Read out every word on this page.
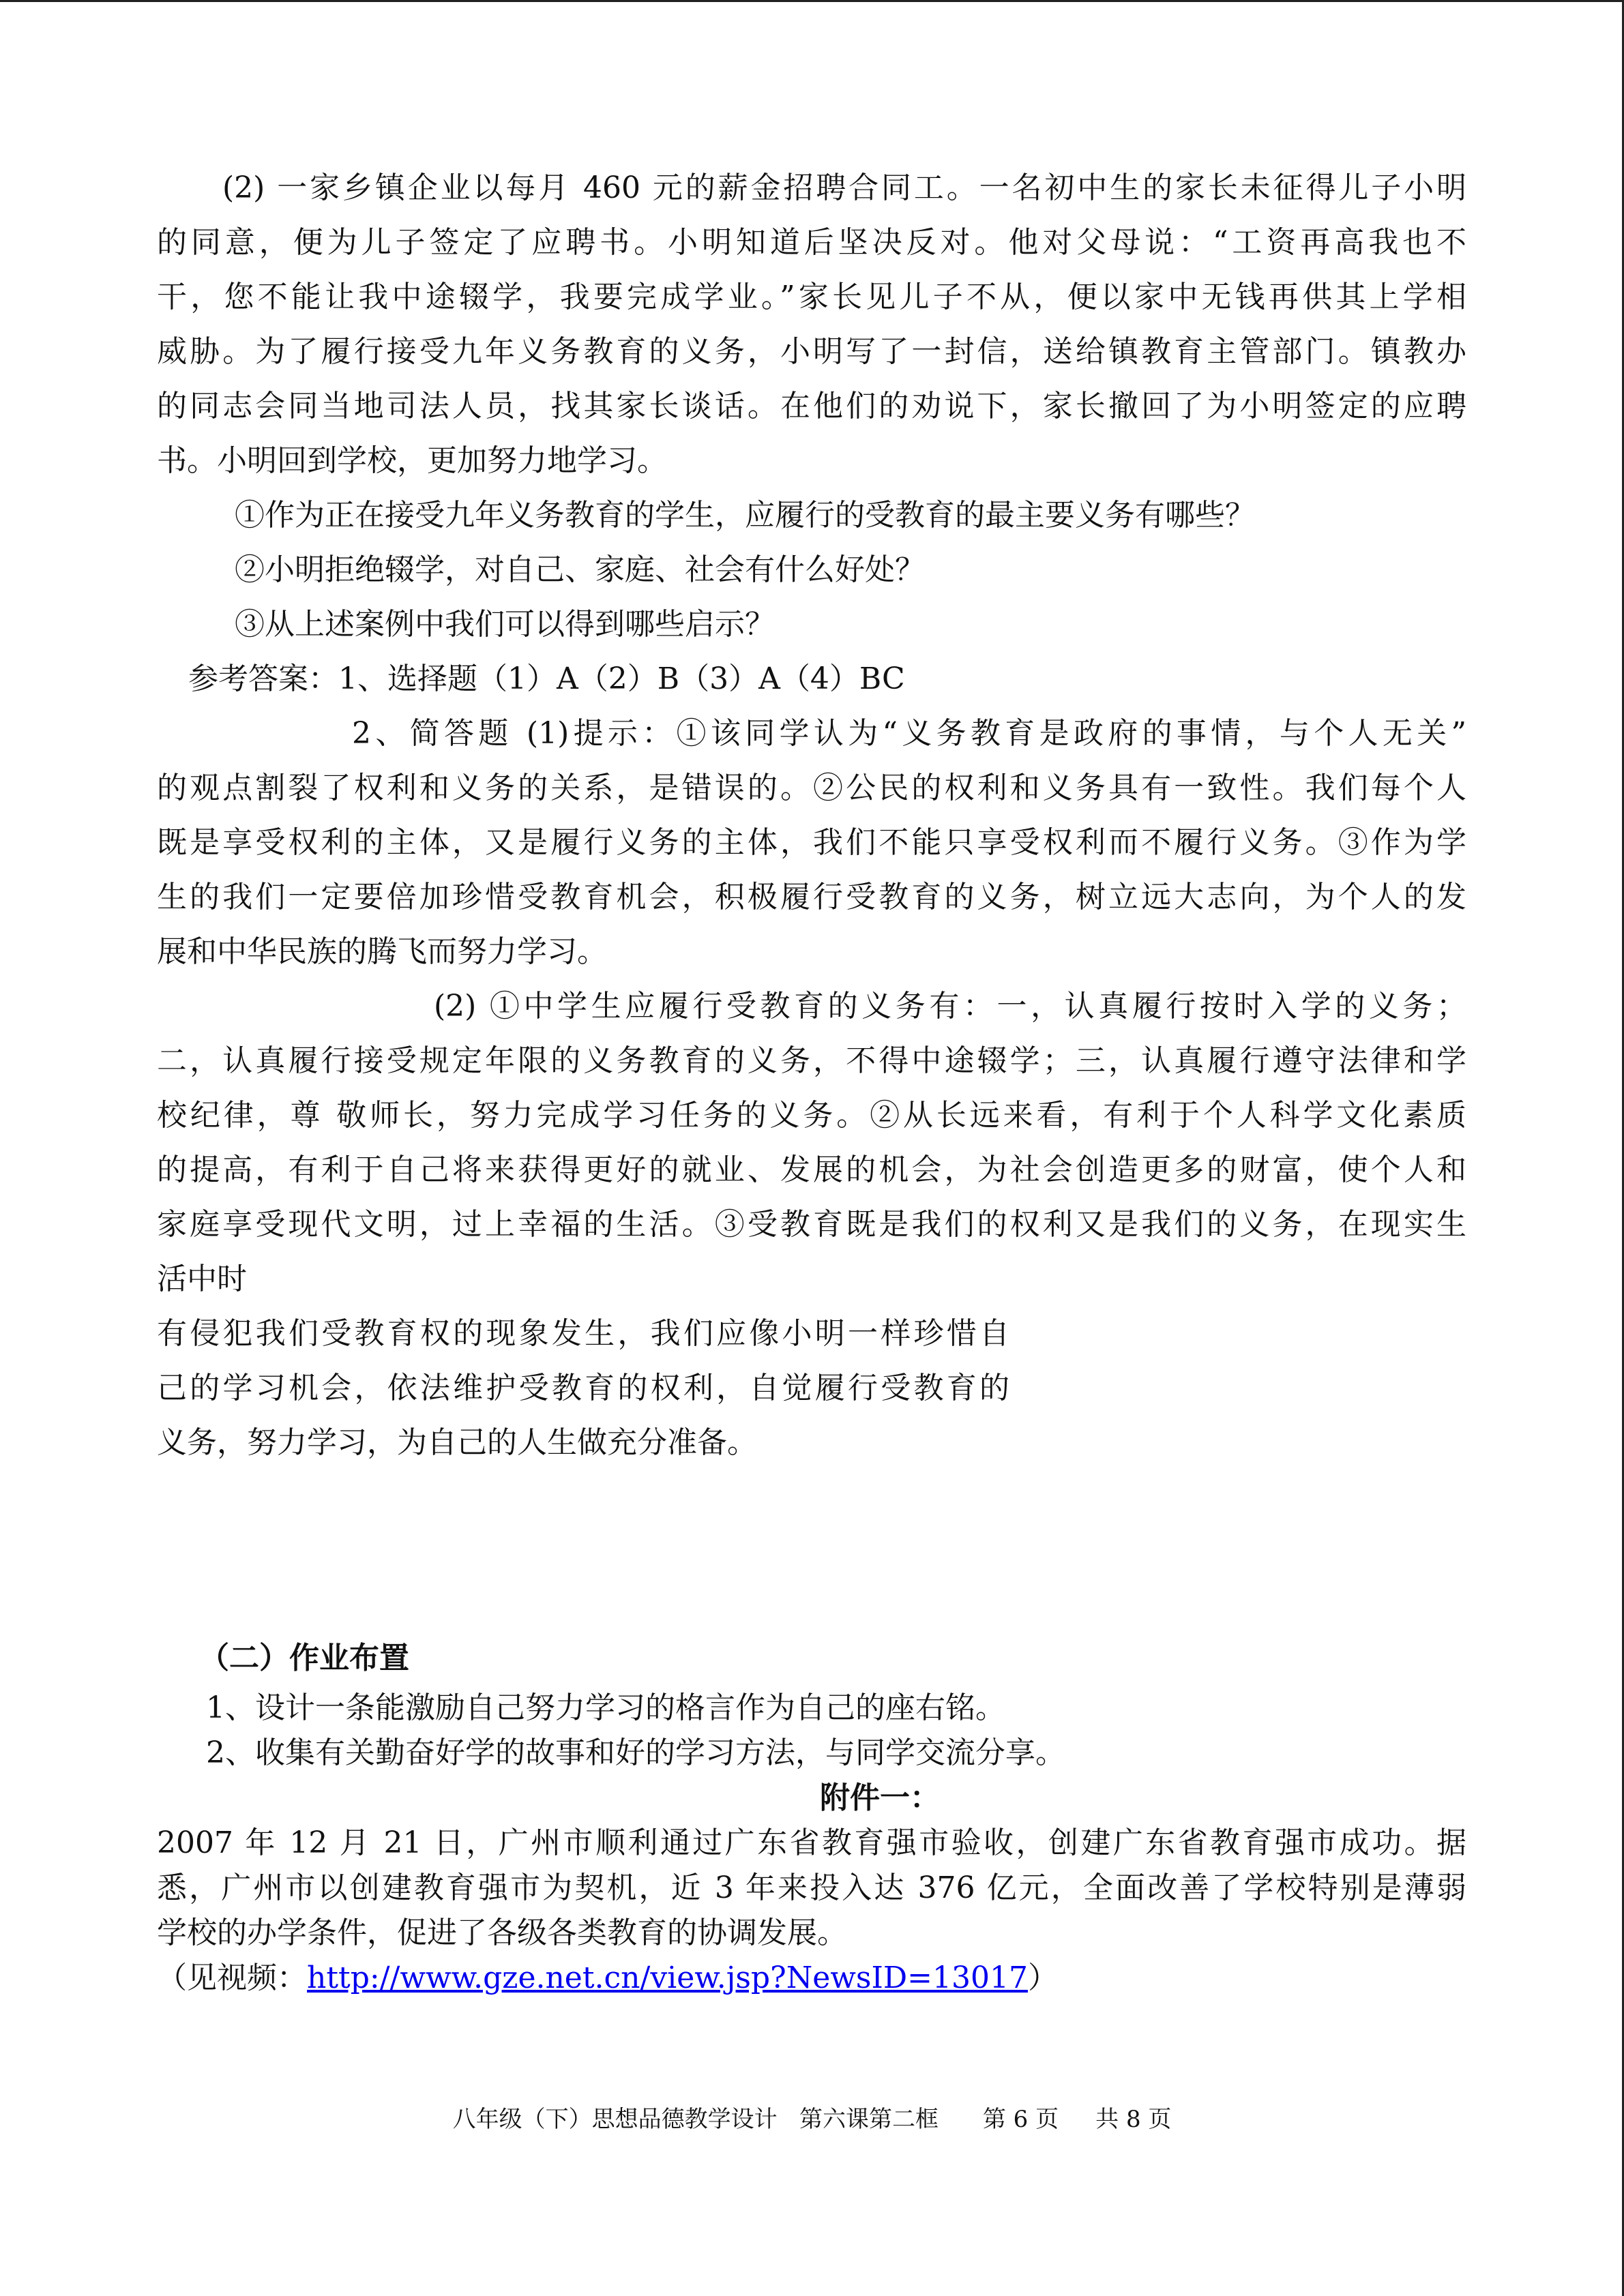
(2) 一家乡镇企业以每月 460 元的薪金招聘合同工。一名初中生的家长未征得儿子小明

的同意，便为儿子签定了应聘书。小明知道后坚决反对。他对父母说：“工资再高我也不

干，您不能让我中途辍学，我要完成学业。”家长见儿子不从，便以家中无钱再供其上学相

威胁。为了履行接受九年义务教育的义务，小明写了一封信，送给镇教育主管部门。镇教办

的同志会同当地司法人员，找其家长谈话。在他们的劝说下，家长撤回了为小明签定的应聘

书。小明回到学校，更加努力地学习。

①作为正在接受九年义务教育的学生，应履行的受教育的最主要义务有哪些？

②小明拒绝辍学，对自己、家庭、社会有什么好处？

③从上述案例中我们可以得到哪些启示？

参考答案：1、选择题（1）A（2）B（3）A（4）BC

2、简答题 (1)提示：①该同学认为“义务教育是政府的事情，与个人无关”

的观点割裂了权利和义务的关系，是错误的。②公民的权利和义务具有一致性。我们每个人

既是享受权利的主体，又是履行义务的主体，我们不能只享受权利而不履行义务。③作为学

生的我们一定要倍加珍惜受教育机会，积极履行受教育的义务，树立远大志向，为个人的发

展和中华民族的腾飞而努力学习。

(2) ①中学生应履行受教育的义务有：一，认真履行按时入学的义务；

二，认真履行接受规定年限的义务教育的义务，不得中途辍学；三，认真履行遵守法律和学

校纪律，尊 敬师长，努力完成学习任务的义务。②从长远来看，有利于个人科学文化素质

的提高，有利于自己将来获得更好的就业、发展的机会，为社会创造更多的财富，使个人和

家庭享受现代文明，过上幸福的生活。③受教育既是我们的权利又是我们的义务，在现实生

活中时

有侵犯我们受教育权的现象发生，我们应像小明一样珍惜自

己的学习机会，依法维护受教育的权利，自觉履行受教育的

义务，努力学习，为自己的人生做充分准备。

（二）作业布置

1、设计一条能激励自己努力学习的格言作为自己的座右铭。

2、收集有关勤奋好学的故事和好的学习方法，与同学交流分享。

附件一：

2007 年 12 月 21 日，广州市顺利通过广东省教育强市验收，创建广东省教育强市成功。据

悉，广州市以创建教育强市为契机，近 3 年来投入达 376 亿元，全面改善了学校特别是薄弱

学校的办学条件，促进了各级各类教育的协调发展。

（见视频：http://www.gze.net.cn/view.jsp?NewsID=13017）

八年级（下）思想品德教学设计   第六课第二框      第 6 页     共 8 页
